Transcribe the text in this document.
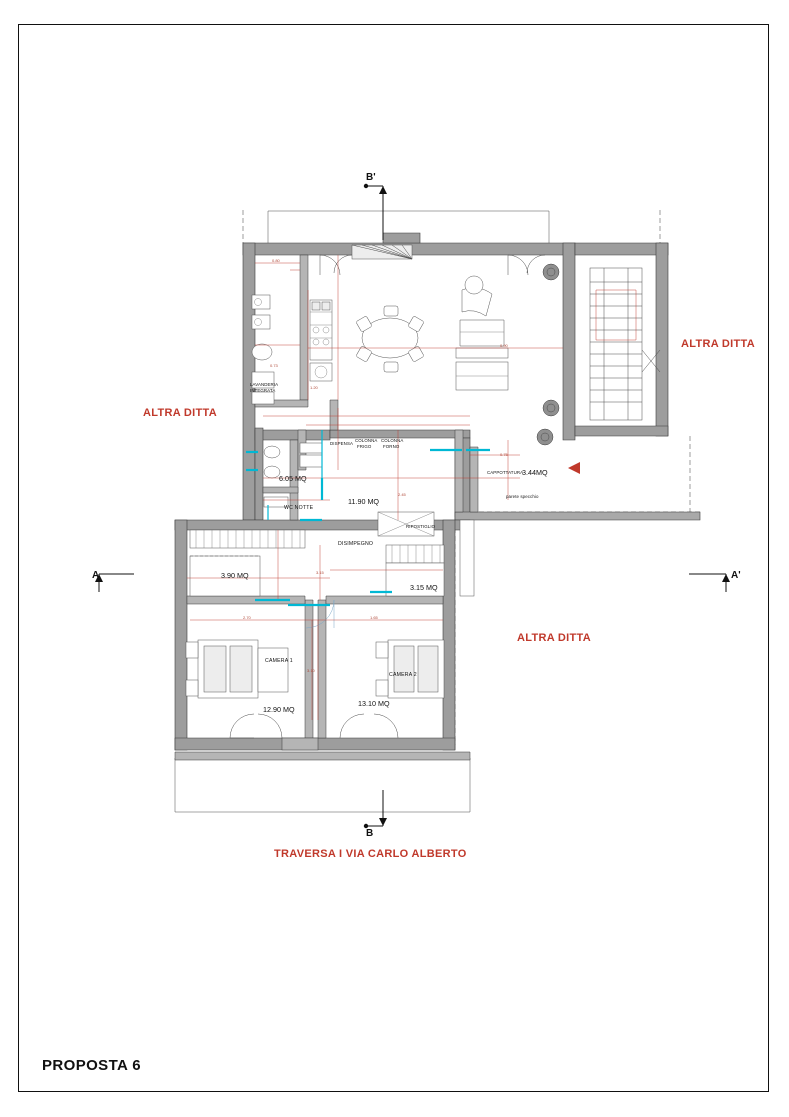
ALTRA DITTA
ALTRA DITTA
ALTRA DITTA
TRAVERSA I VIA CARLO ALBERTO
B'
B
A	A'
6.05 MQ
11.90 MQ
3.44MQ
3.90 MQ
3.15 MQ
12.90 MQ
13.10 MQ
LAVANDERIA
INTEGRATA
DISPENSA
COLONNA
FRIGO
COLONNA
FORNO
WC NOTTE
DISIMPEGNO
CAPPOTTATURA
parete specchio
CAMERA 1
CAMERA 2
RIPOSTIGLIO
0.80
0.73
1.20
2.45
0.90
3.15
2.70	1.65
3.10
0.75
PROPOSTA 6
